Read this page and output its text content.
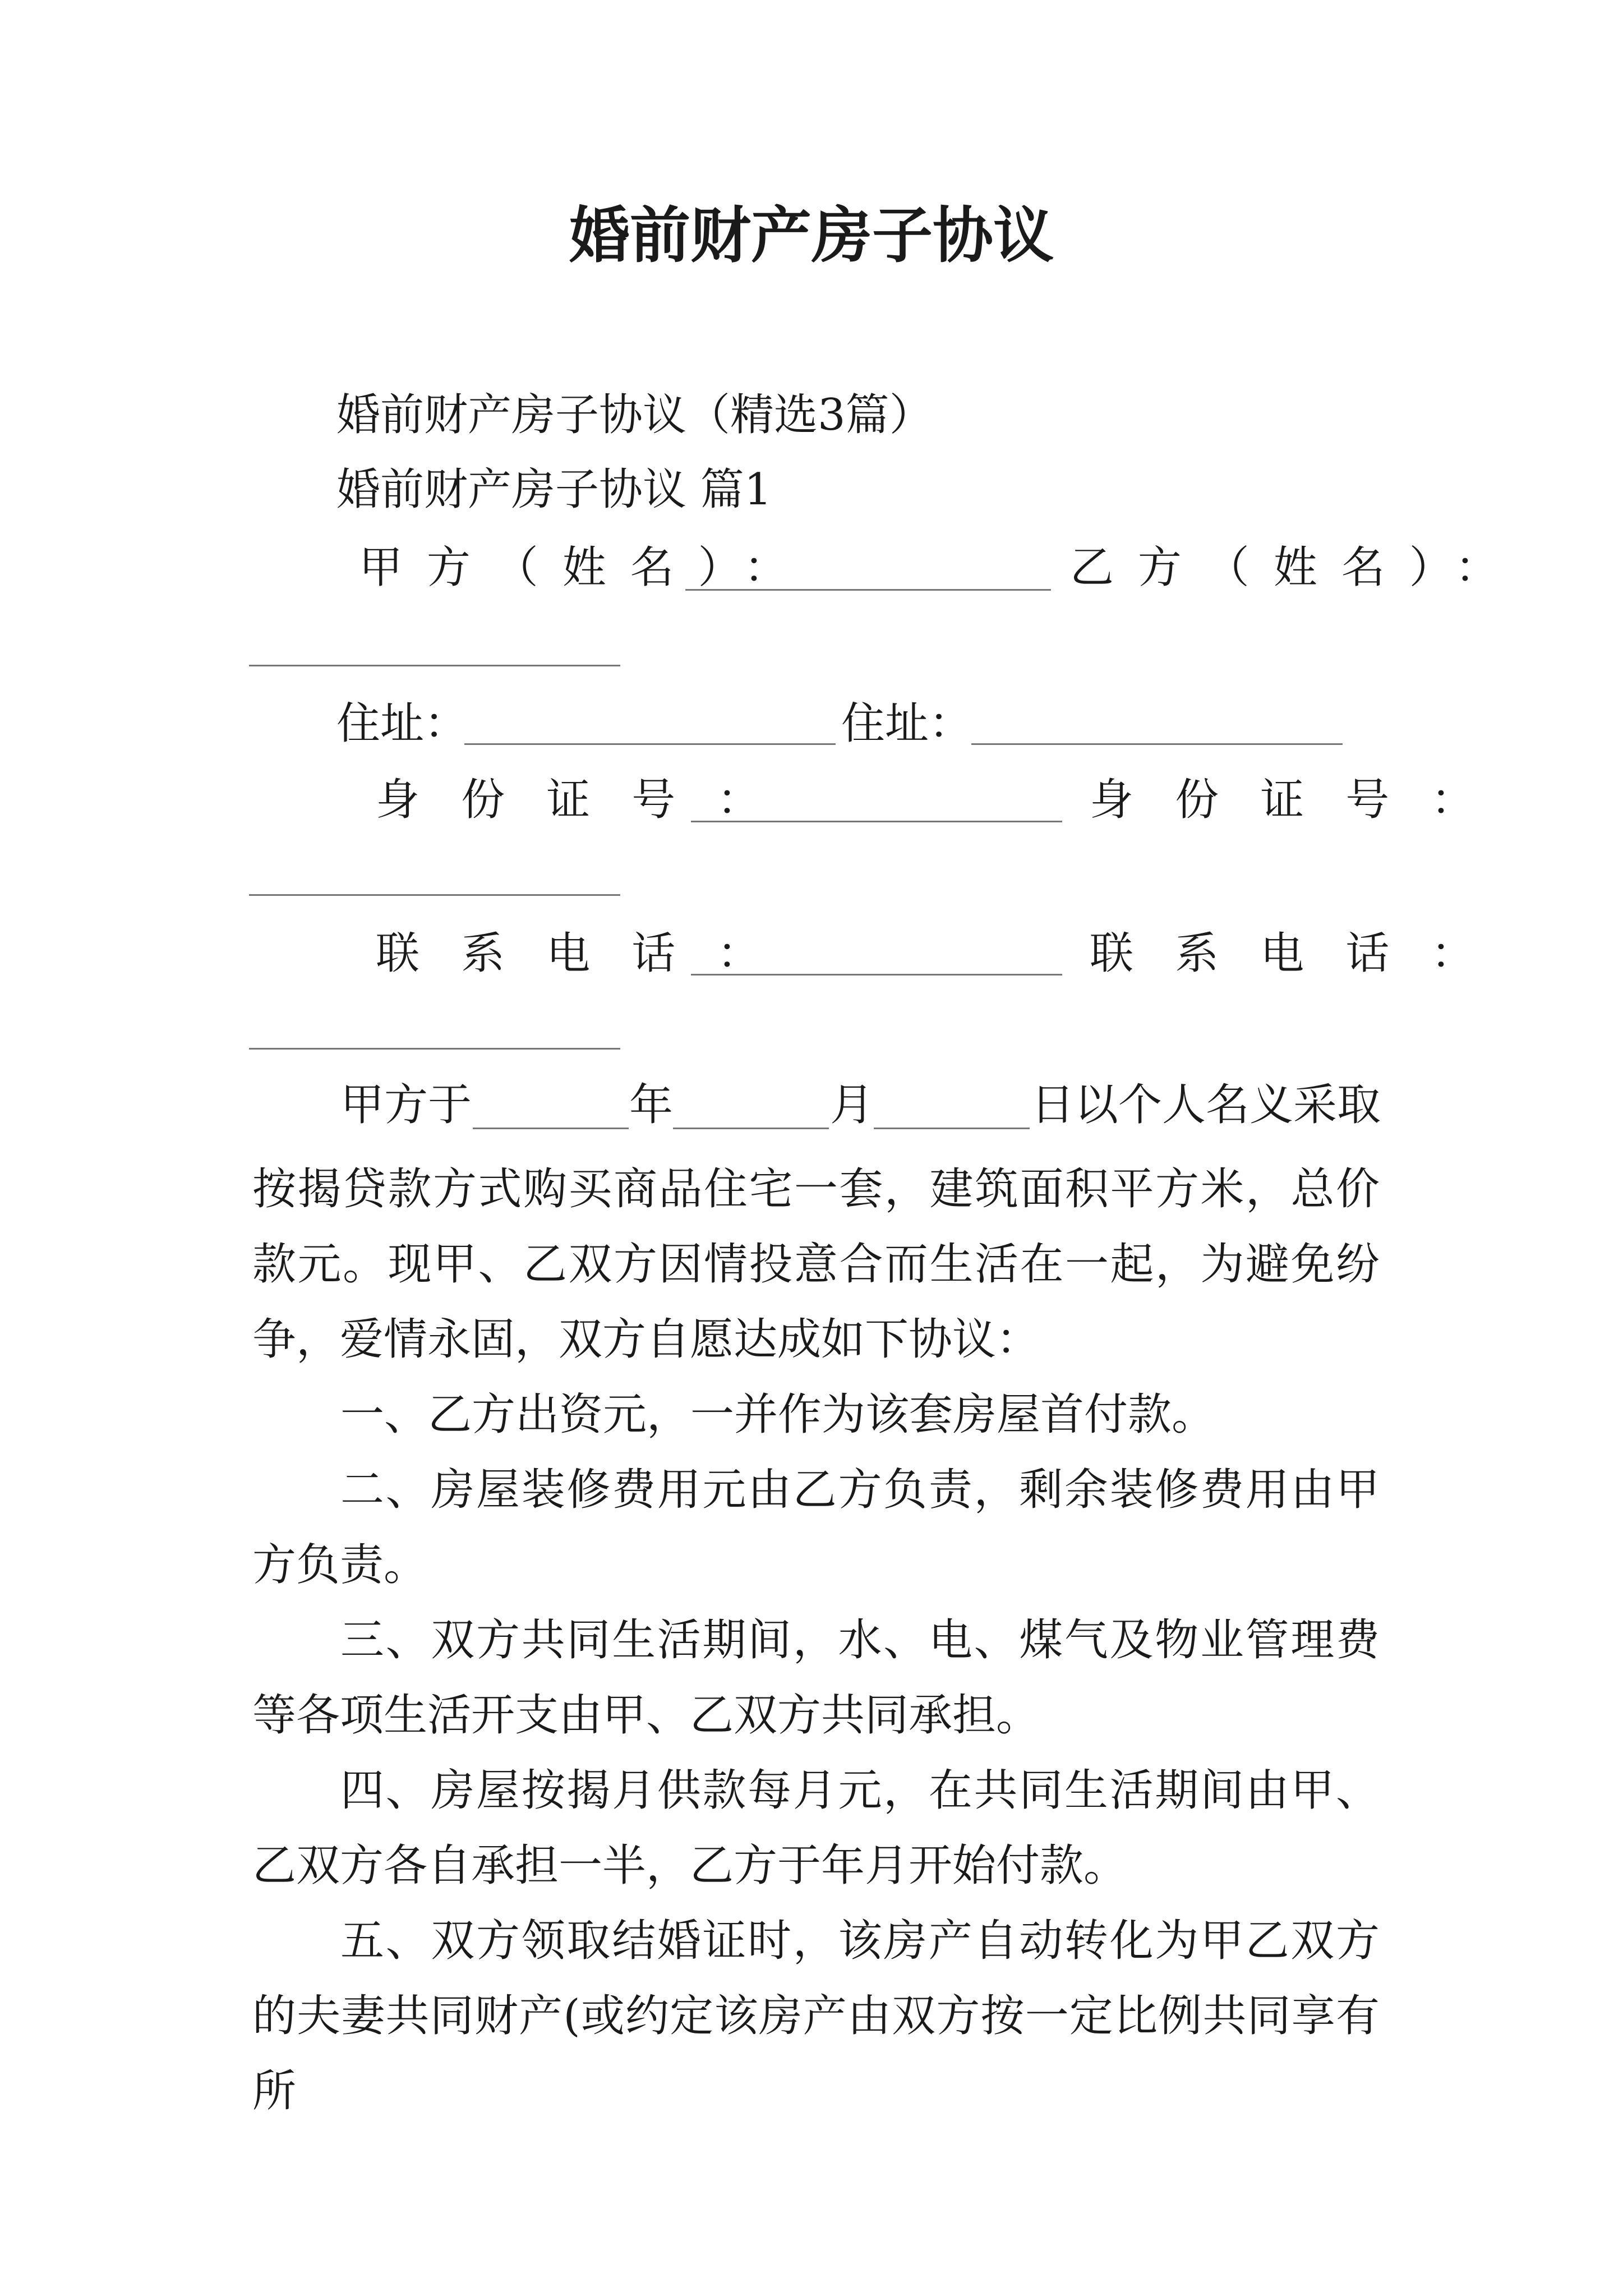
婚前财产房子协议
婚前财产房子协议（精选3篇）
婚前财产房子协议 篇1
甲方（姓名）：	乙方（姓名）：
住址：	住址：
身份证号：	身份证号：
联系电话：	联系电话：
甲方于	年	月	日以个人名义采取
按揭贷款方式购买商品住宅一套，建筑面积平方米，总价款元。现甲、乙双方因情投意合而生活在一起，为避免纷争，爱情永固，双方自愿达成如下协议：
一、乙方出资元，一并作为该套房屋首付款。
二、房屋装修费用元由乙方负责，剩余装修费用由甲方负责。
三、双方共同生活期间，水、电、煤气及物业管理费等各项生活开支由甲、乙双方共同承担。
四、房屋按揭月供款每月元，在共同生活期间由甲、乙双方各自承担一半，乙方于年月开始付款。
五、双方领取结婚证时，该房产自动转化为甲乙双方的夫妻共同财产(或约定该房产由双方按一定比例共同享有所
